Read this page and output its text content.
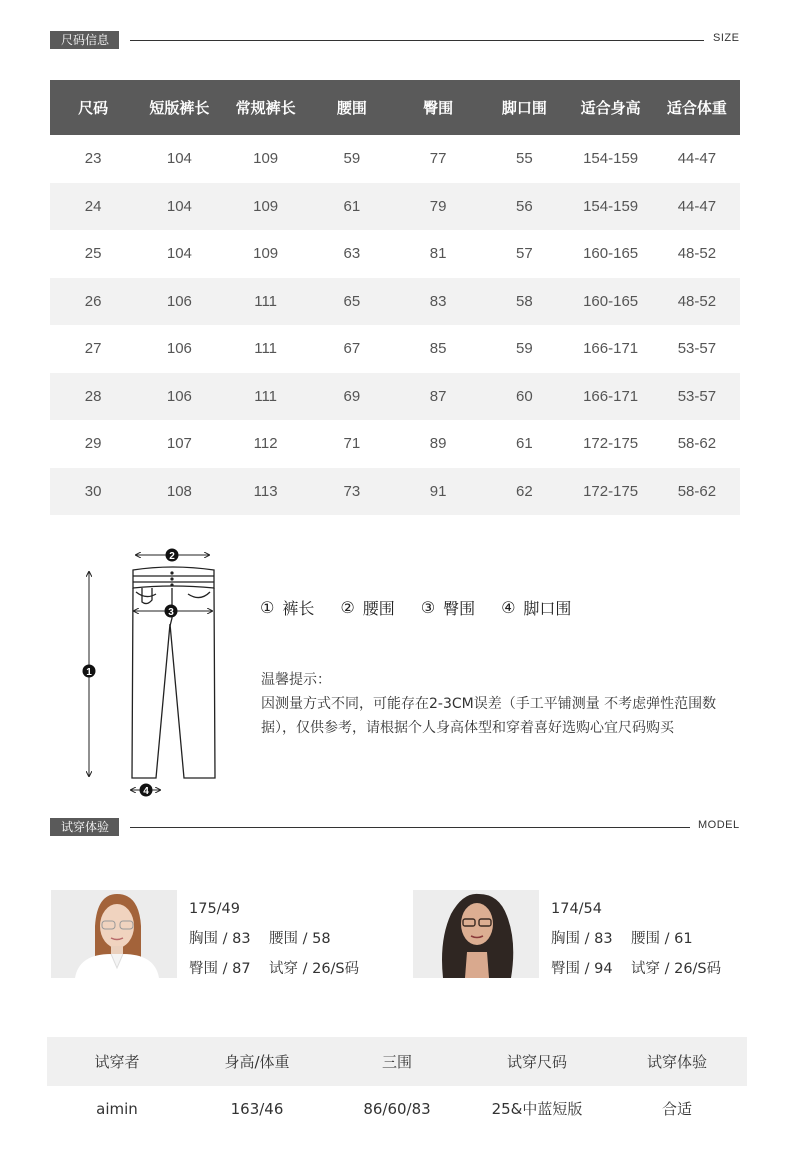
尺码信息	SIZE
尺码	短版裤长	常规裤长	腰围	臀围	脚口围	适合身高	适合体重
23	104	109	59	77	55	154-159	44-47
24	104	109	61	79	56	154-159	44-47
25	104	109	63	81	57	160-165	48-52
26	106	111	65	83	58	160-165	48-52
27	106	111	67	85	59	166-171	53-57
28	106	111	69	87	60	166-171	53-57
29	107	112	71	89	61	172-175	58-62
30	108	113	73	91	62	172-175	58-62
1
2
3
4
① 裤长 ② 腰围 ③ 臀围 ④ 脚口围
温馨提示：
因测量方式不同，可能存在2-3CM误差（手工平铺测量 不考虑弹性范围数据），仅供参考，请根据个人身高体型和穿着喜好选购心宜尺码购买
试穿体验	MODEL
175/49
胸围 / 83    腰围 / 58
臀围 / 87    试穿 / 26/S码
174/54
胸围 / 83    腰围 / 61
臀围 / 94    试穿 / 26/S码
试穿者	身高/体重	三围	试穿尺码	试穿体验
aimin	163/46	86/60/83	25&中蓝短版	合适
